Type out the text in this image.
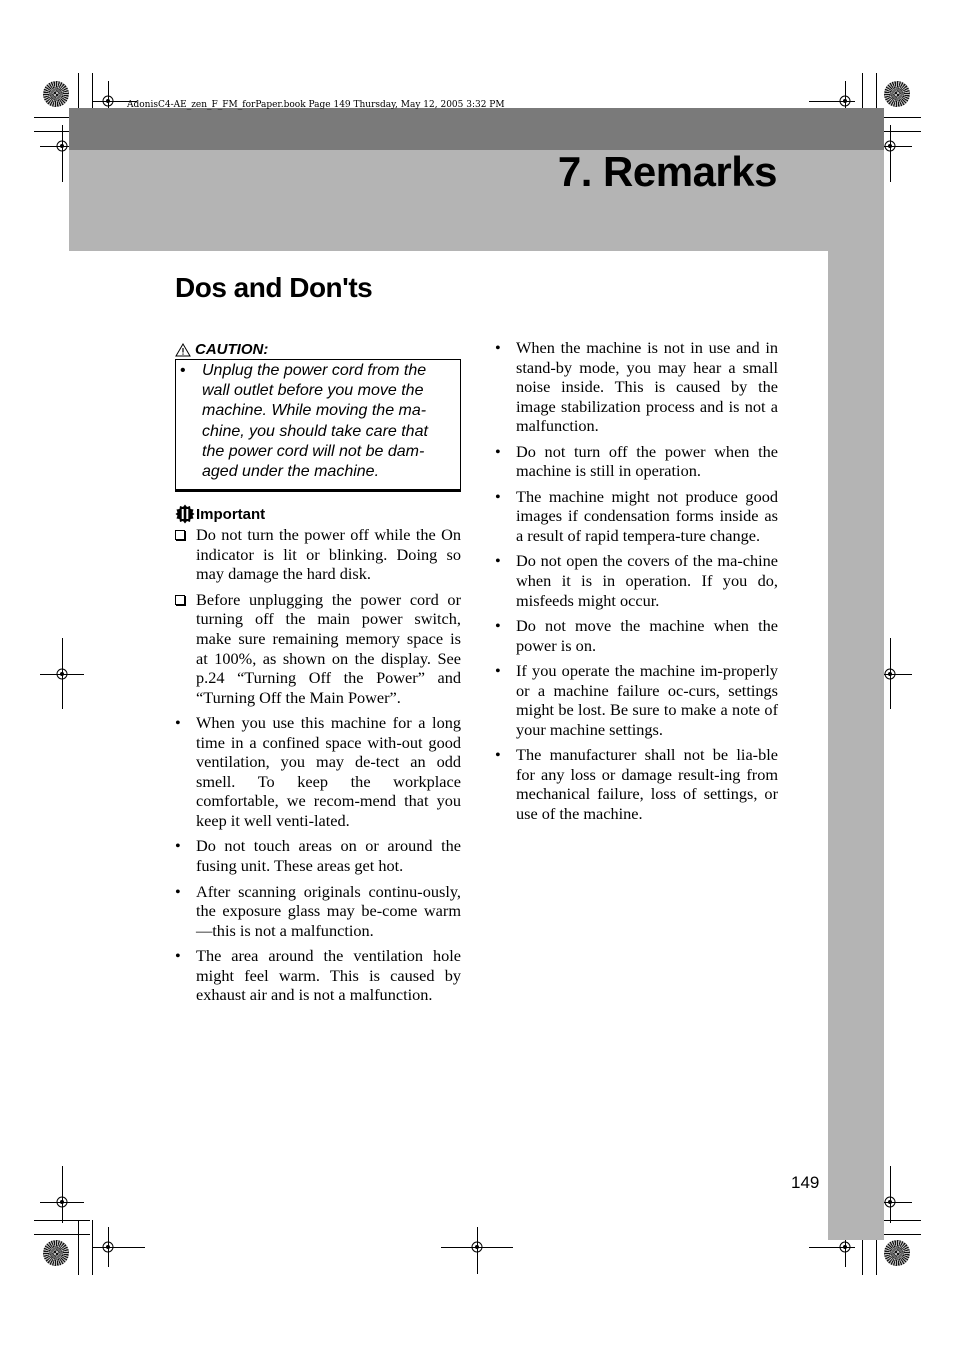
AdonisC4-AE_zen_F_FM_forPaper.book Page 149 Thursday, May 12, 2005 3:32 PM
7. Remarks
Dos and Don'ts
CAUTION:
•	Unplug the power cord from the wall outlet before you move the machine. While moving the ma-chine, you should take care that the power cord will not be dam-aged under the machine.
Important
Do not turn the power off while the On indicator is lit or blinking. Doing so may damage the hard disk.
Before unplugging the power cord or turning off the main power switch, make sure remaining memory space is at 100%, as shown on the display. See p.24 “Turning Off the Power” and “Turning Off the Main Power”.
• When you use this machine for a long time in a confined space with-out good ventilation, you may de-tect an odd smell. To keep the workplace comfortable, we recom-mend that you keep it well venti-lated.
• Do not touch areas on or around the fusing unit. These areas get hot.
• After scanning originals continu-ously, the exposure glass may be-come warm—this is not a malfunction.
• The area around the ventilation hole might feel warm. This is caused by exhaust air and is not a malfunction.
• When the machine is not in use and in stand-by mode, you may hear a small noise inside. This is caused by the image stabilization process and is not a malfunction.
• Do not turn off the power when the machine is still in operation.
• The machine might not produce good images if condensation forms inside as a result of rapid tempera-ture change.
• Do not open the covers of the ma-chine when it is in operation. If you do, misfeeds might occur.
• Do not move the machine when the power is on.
• If you operate the machine im-properly or a machine failure oc-curs, settings might be lost. Be sure to make a note of your machine settings.
• The manufacturer shall not be lia-ble for any loss or damage result-ing from mechanical failure, loss of settings, or use of the machine.
149
